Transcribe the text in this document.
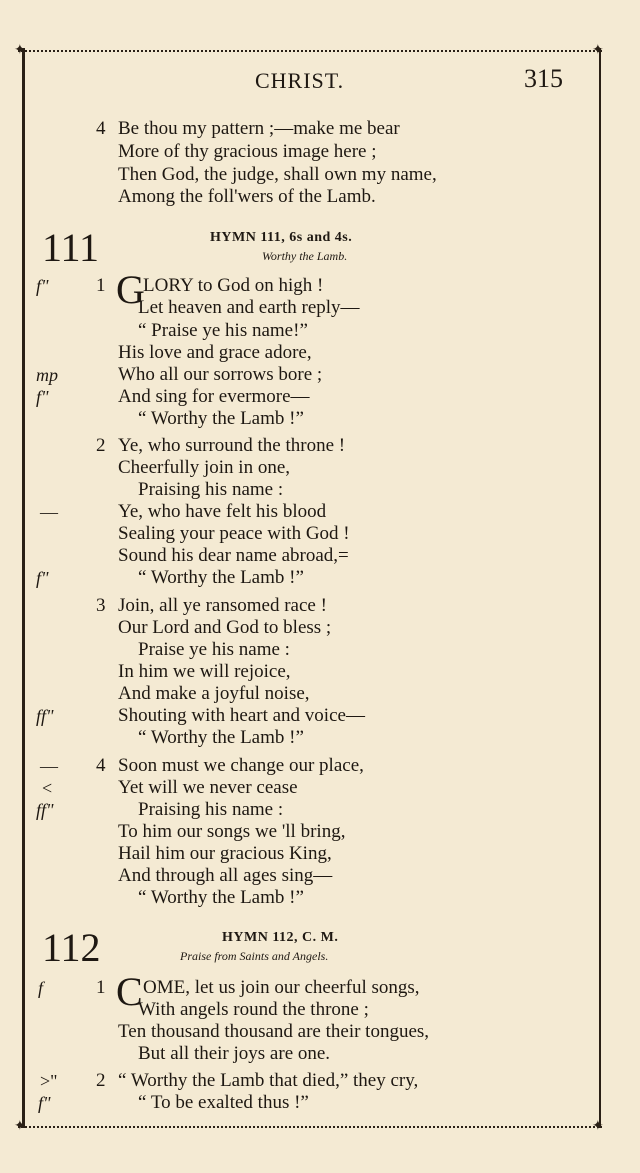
✦	✦
✦	✦
CHRIST.	315
4 Be thou my pattern ;—make me bear
More of thy gracious image here ;
Then God, the judge, shall own my name,
Among the foll'wers of the Lamb.
111	HYMN 111, 6s and 4s.
Worthy the Lamb.
f" 1 G
LORY to God on high !
Let heaven and earth reply—
“ Praise ye his name!”
His love and grace adore,
mp	Who all our sorrows bore ;
f"	And sing for evermore—
“ Worthy the Lamb !”
2 Ye, who surround the throne !
Cheerfully join in one,
Praising his name :
—	Ye, who have felt his blood
Sealing your peace with God !
Sound his dear name abroad,=
f"	“ Worthy the Lamb !”
3 Join, all ye ransomed race !
Our Lord and God to bless ;
Praise ye his name :
In him we will rejoice,
And make a joyful noise,
ff"	Shouting with heart and voice—
“ Worthy the Lamb !”
— 4 Soon must we change our place,
<	Yet will we never cease
ff"	Praising his name :
To him our songs we 'll bring,
Hail him our gracious King,
And through all ages sing—
“ Worthy the Lamb !”
112	HYMN 112, C. M.
Praise from Saints and Angels.
f	1 C OME, let us join our cheerful songs,
With angels round the throne ;
Ten thousand thousand are their tongues,
But all their joys are one.
>" 2 “ Worthy the Lamb that died,” they cry,
f"	“ To be exalted thus !”
